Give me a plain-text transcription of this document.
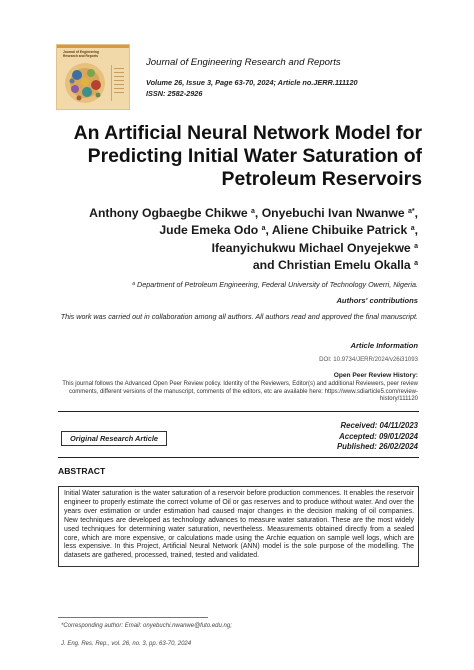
Journal of Engineering Research and Reports
Journal of Engineering Research and Reports
Volume 26, Issue 3, Page 63-70, 2024; Article no.JERR.111120
ISSN: 2582-2926
An Artificial Neural Network Model for
Predicting Initial Water Saturation of
Petroleum Reservoirs
Anthony Ogbaegbe Chikwe $^a$, Onyebuchi Ivan Nwanwe $^{a*}$,
Jude Emeka Odo $^a$, Aliene Chibuike Patrick $^a$,
Ifeanyichukwu Michael Onyejekwe $^a$
and Christian Emelu Okalla $^a$
$^a$ Department of Petroleum Engineering, Federal University of Technology Owerri, Nigeria.
Authors' contributions
This work was carried out in collaboration among all authors. All authors read and approved the final manuscript.
Article Information
DOI: 10.9734/JERR/2024/v26i31093
Open Peer Review History:
This journal follows the Advanced Open Peer Review policy. Identity of the Reviewers, Editor(s) and additional Reviewers, peer review comments, different versions of the manuscript, comments of the editors, etc are available here: https://www.sdiarticle5.com/review-history/111120
Original Research Article
Received: 04/11/2023
Accepted: 09/01/2024
Published: 26/02/2024
ABSTRACT
Initial Water saturation is the water saturation of a reservoir before production commences. It enables the reservoir engineer to properly estimate the correct volume of Oil or gas reserves and to produce without water. And over the years over estimation or under estimation had caused major changes in the decision making of oil companies. New techniques are developed as technology advances to measure water saturation. These are the most widely used techniques for determining water saturation, nevertheless. Measurements obtained directly from a sealed core, which are more expensive, or calculations made using the Archie equation on sample well logs, which are less expensive. In this Project, Artificial Neural Network (ANN) model is the sole purpose of the modelling. The datasets are gathered, processed, trained, tested and validated.
*Corresponding author: Email: onyebuchi.nwanwe@futo.edu.ng;
J. Eng. Res. Rep., vol. 26, no. 3, pp. 63-70, 2024
